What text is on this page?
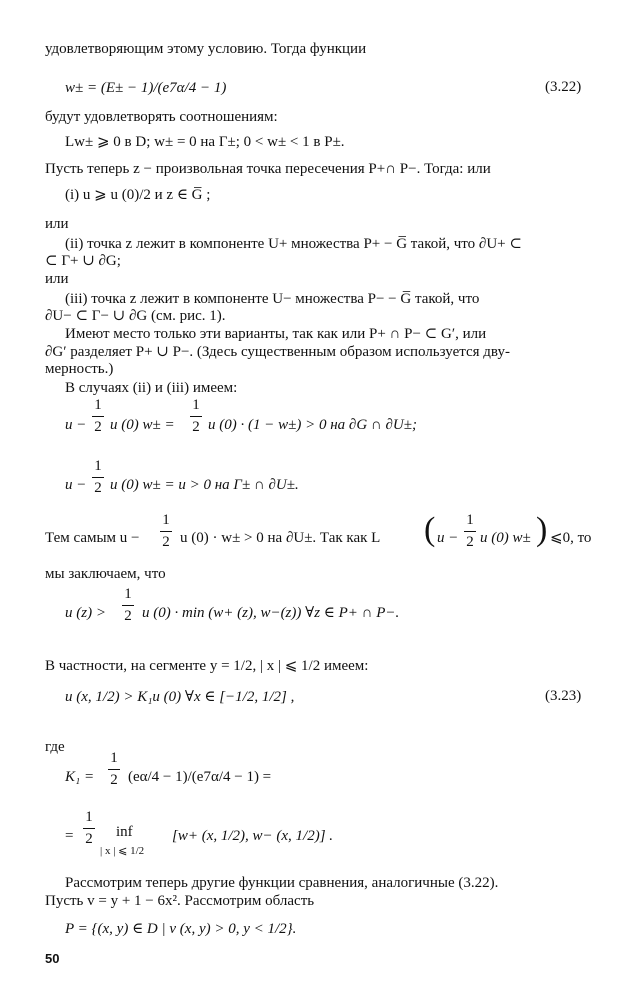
удовлетворяющим этому условию. Тогда функции
w± = (E± − 1)/(e7α/4 − 1)	(3.22)
будут удовлетворять соотношениям:
Lw± ⩾ 0 в D; w± = 0 на Γ±; 0 < w± < 1 в P±.
Пусть теперь z − произвольная точка пересечения P+∩ P−. Тогда: или
(i) u ⩾ u (0)/2 и z ∈ G̅ ;
или
(ii) точка z лежит в компоненте U+ множества P+ − G̅ такой, что ∂U+ ⊂
⊂ Γ+ ∪ ∂G;
или
(iii) точка z лежит в компоненте U− множества P− − G̅ такой, что
∂U− ⊂ Γ− ∪ ∂G (см. рис. 1).
Имеют место только эти варианты, так как или P+ ∩ P− ⊂ G′, или
∂G′ разделяет P+ ∪ P−. (Здесь существенным образом используется дву-
мерность.)
В случаях (ii) и (iii) имеем:
u −
1
2 u (0) w± =
1
2 u (0) · (1 − w±) > 0 на ∂G ∩ ∂U±;
u −
1
2 u (0) w± = u > 0 на Γ± ∩ ∂U±.
Тем самым u −
1
2 u (0) · w± > 0 на ∂U±. Так как L ( u −
1
2 u (0) w± ) ⩽0, то
мы заключаем, что
u (z) >
1
2 u (0) · min (w+ (z), w−(z)) ∀z ∈ P+ ∩ P−.
В частности, на сегменте y = 1/2, | x | ⩽ 1/2 имеем:
u (x, 1/2) > K₁u (0) ∀x ∈ [−1/2, 1/2] ,	(3.23)
где
K₁ =
1
2 (eα/4 − 1)/(e7α/4 − 1) =
=
1
2 inf
| x | ⩽ 1/2
[w+ (x, 1/2), w− (x, 1/2)] .
Рассмотрим теперь другие функции сравнения, аналогичные (3.22).
Пусть v = y + 1 − 6x². Рассмотрим область
P = {(x, y) ∈ D | v (x, y) > 0, y < 1/2}.
50
